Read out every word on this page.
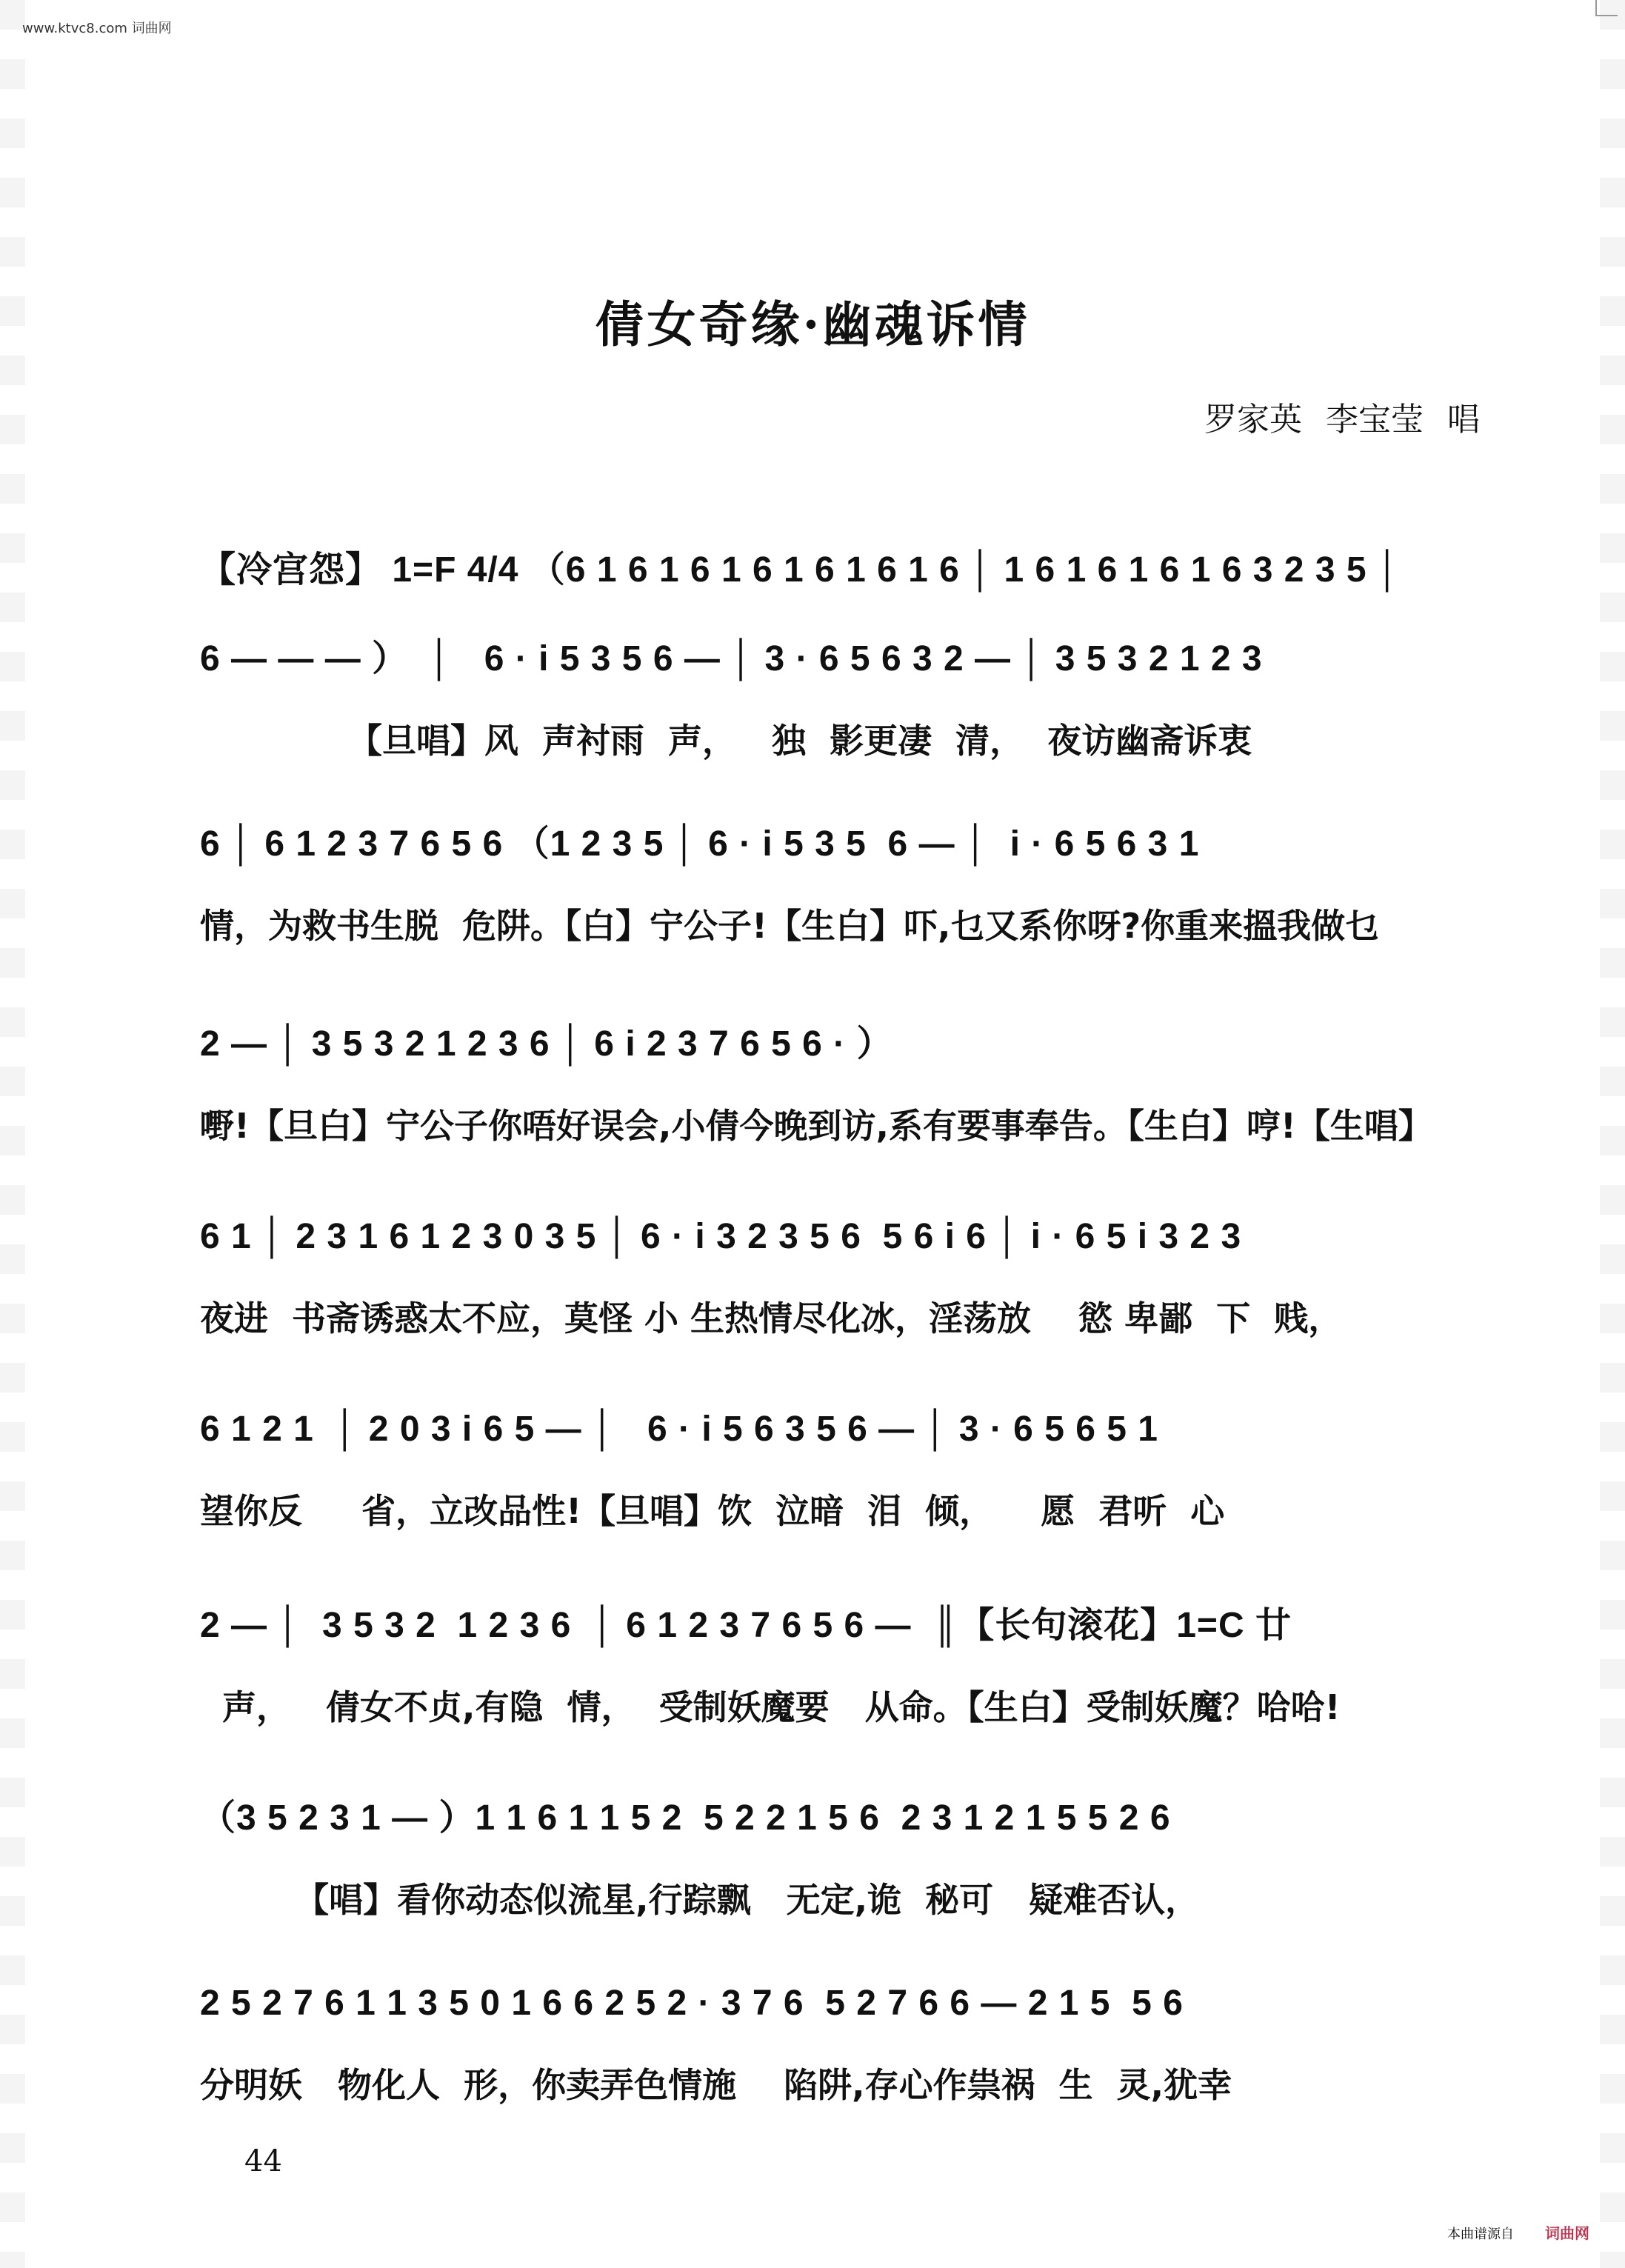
www.ktvc8.com 词曲网
倩女奇缘·幽魂诉情
罗家英 李宝莹 唱
【冷宫怨】 1=F 4/4 （6 1 6 1 6 1 6 1 6 1 6 1 6 │ 1 6 1 6 1 6 1 6 3 2 3 5 │
6 — — — ）  │   6 · i 5 3 5 6 — │ 3 · 6 5 6 3 2 — │ 3 5 3 2 1 2 3
【旦唱】风  声衬雨  声，   独  影更凄  清，  夜访幽斋诉衷
6 │ 6 1 2 3 7 6 5 6 （1 2 3 5 │ 6 · i 5 3 5  6 — │  i · 6 5 6 3 1
情，为救书生脱  危阱。【白】宁公子!【生白】吓,乜又系你呀?你重来搵我做乜
2 — │ 3 5 3 2 1 2 3 6 │ 6 i 2 3 7 6 5 6 · ）
嘢!【旦白】宁公子你唔好误会,小倩今晚到访,系有要事奉告。【生白】哼!【生唱】
6 1 │ 2 3 1 6 1 2 3 0 3 5 │ 6 · i 3 2 3 5 6  5 6 i 6 │ i · 6 5 i 3 2 3
夜进  书斋诱惑太不应，莫怪 小 生热情尽化冰，淫荡放    慾 卑鄙  下  贱，
6 1 2 1  │ 2 0 3 i 6 5 — │   6 · i 5 6 3 5 6 — │ 3 · 6 5 6 5 1
望你反     省，立改品性!【旦唱】饮  泣暗  泪  倾，    愿  君听  心
2 — │  3 5 3 2  1 2 3 6  │ 6 1 2 3 7 6 5 6 —  ║【长句滚花】1=C 廿
声，   倩女不贞,有隐  情，  受制妖魔要   从命。【生白】受制妖魔？哈哈!
（3 5 2 3 1 — ）1 1 6 1 1 5 2  5 2 2 1 5 6  2 3 1 2 1 5 5 2 6
【唱】看你动态似流星,行踪飘   无定,诡  秘可   疑难否认，
2 5 2 7 6 1 1 3 5 0 1 6 6 2 5 2 · 3 7 6  5 2 7 6 6 — 2 1 5  5 6
分明妖   物化人  形，你卖弄色情施    陷阱,存心作祟祸  生  灵,犹幸
44
本曲谱源自 词曲网
